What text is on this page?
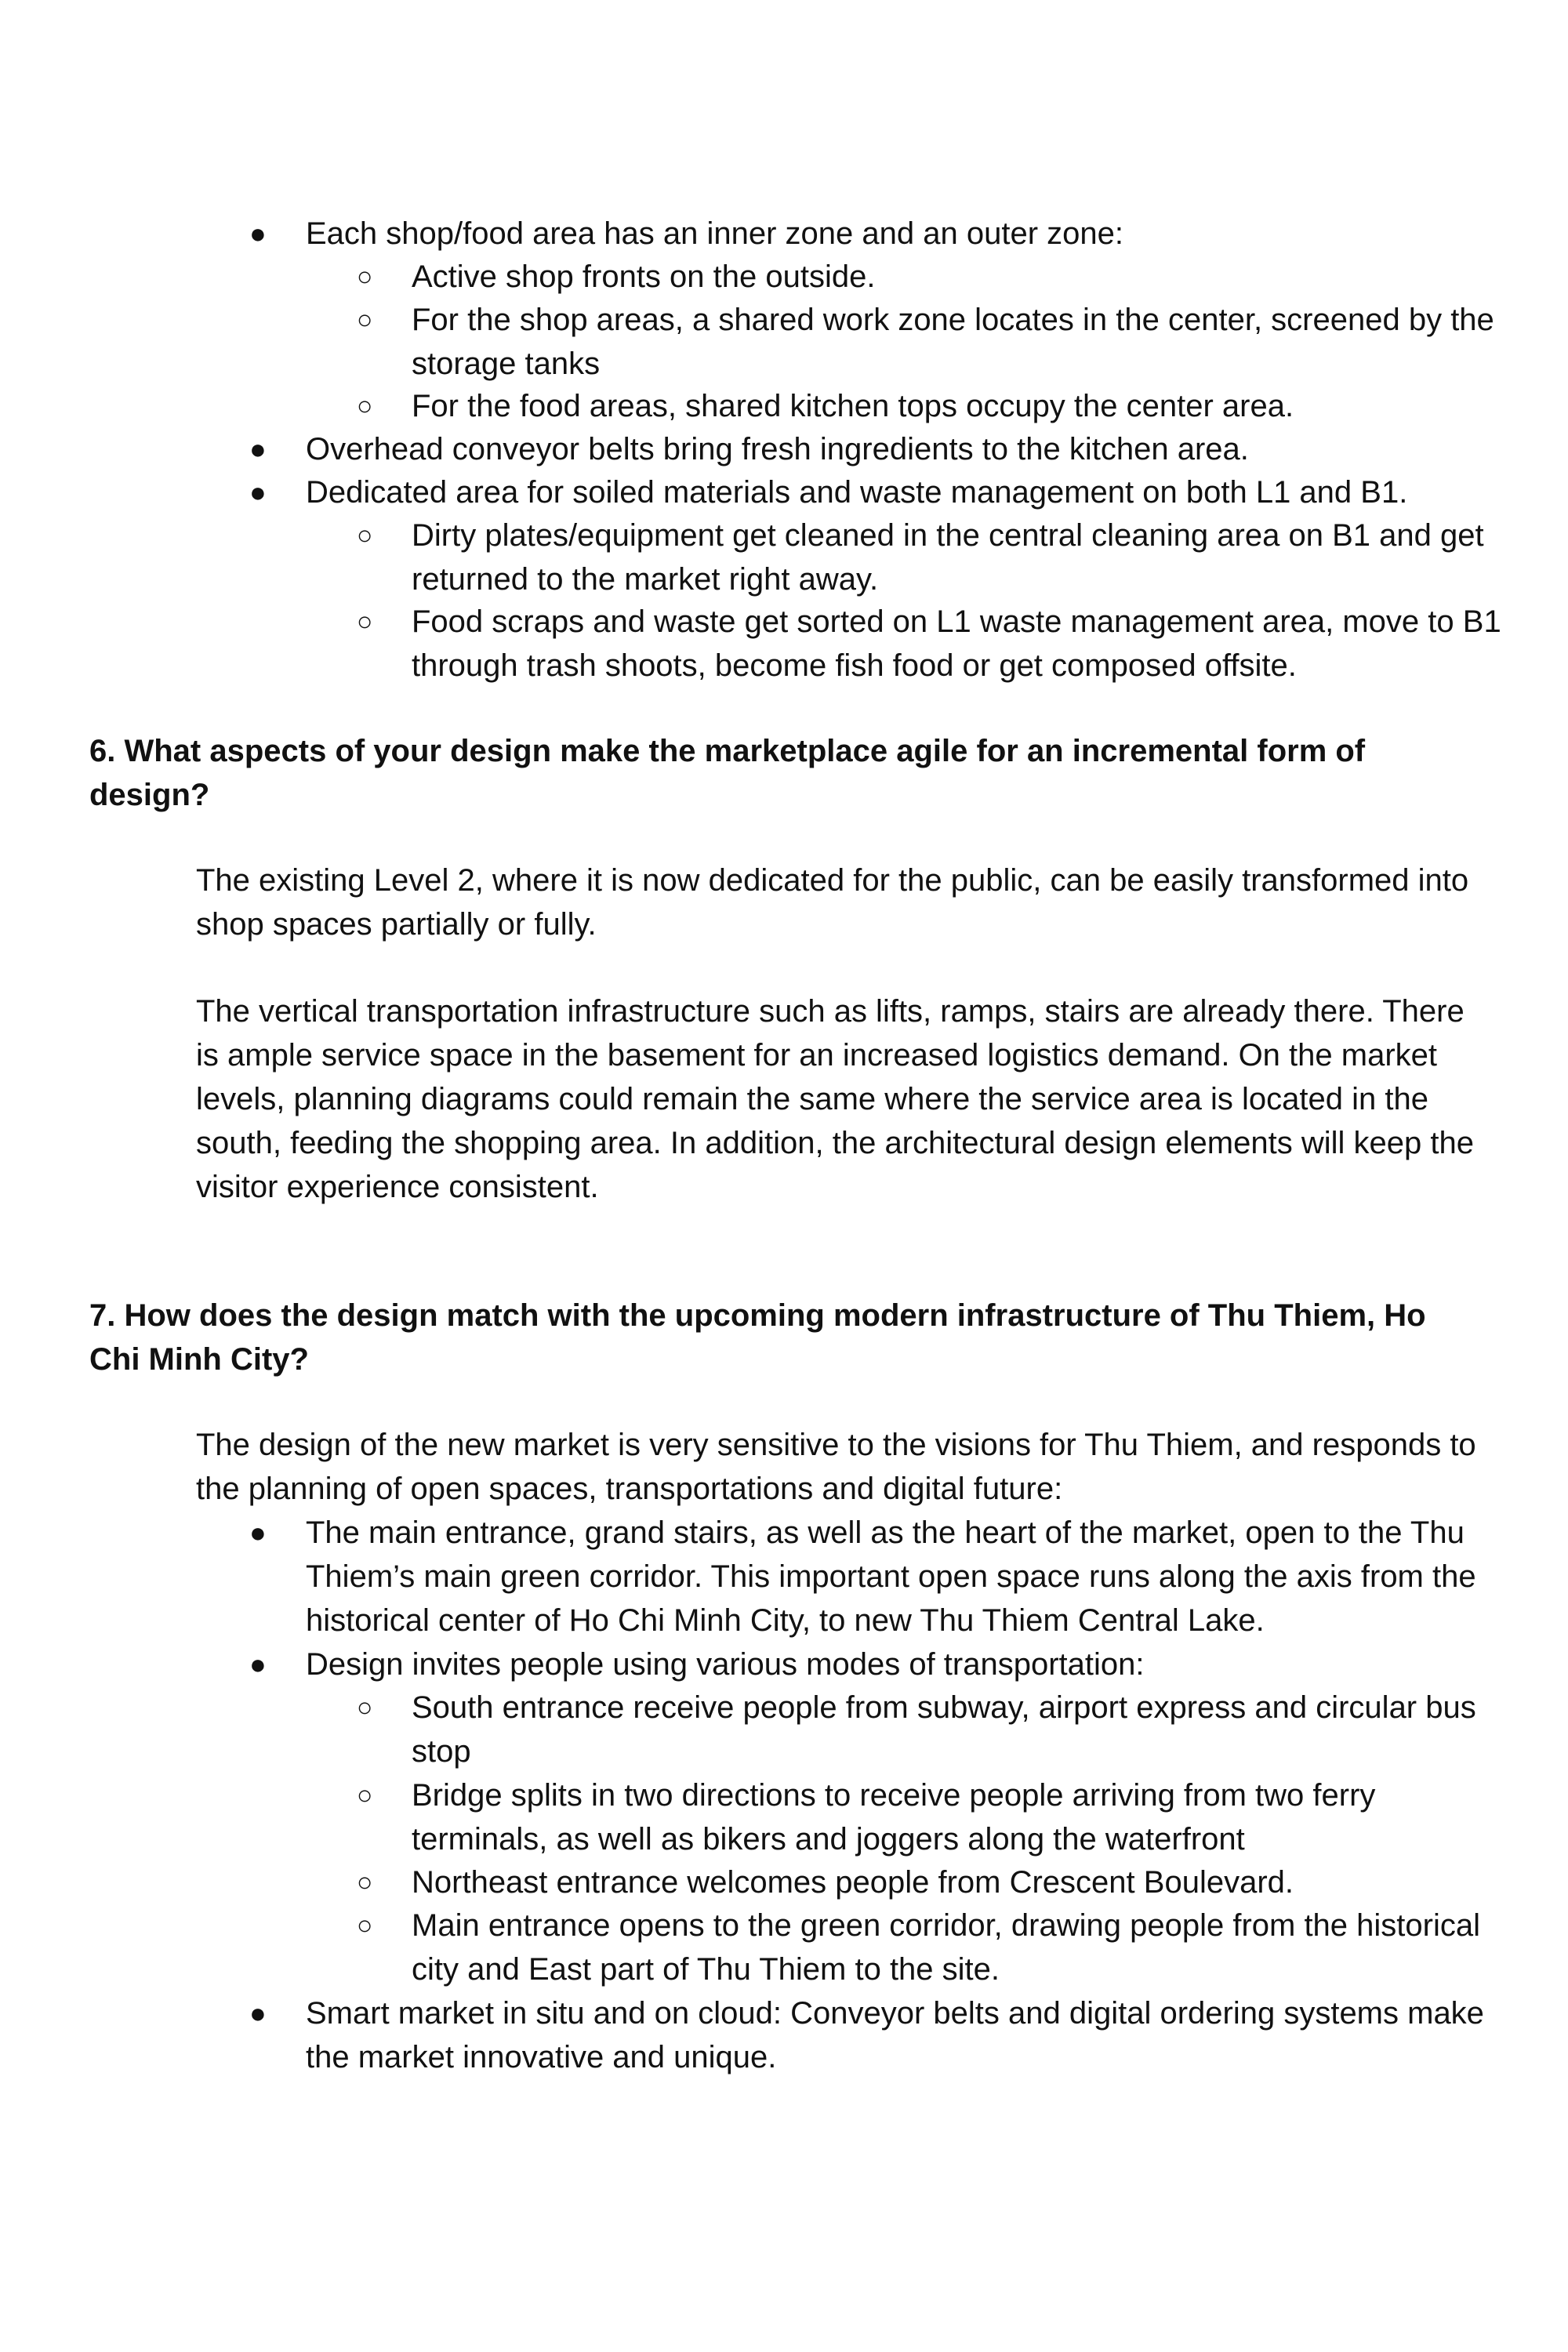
● Each shop/food area has an inner zone and an outer zone:
○ Active shop fronts on the outside.
○ For the shop areas, a shared work zone locates in the center, screened by the storage tanks
○ For the food areas, shared kitchen tops occupy the center area.
● Overhead conveyor belts bring fresh ingredients to the kitchen area.
● Dedicated area for soiled materials and waste management on both L1 and B1.
○ Dirty plates/equipment get cleaned in the central cleaning area on B1 and get returned to the market right away.
○ Food scraps and waste get sorted on L1 waste management area, move to B1 through trash shoots, become fish food or get composed offsite.
6. What aspects of your design make the marketplace agile for an incremental form of design?
The existing Level 2, where it is now dedicated for the public, can be easily transformed into shop spaces partially or fully.
The vertical transportation infrastructure such as lifts, ramps, stairs are already there. There is ample service space in the basement for an increased logistics demand. On the market levels, planning diagrams could remain the same where the service area is located in the south, feeding the shopping area. In addition, the architectural design elements will keep the visitor experience consistent.
7. How does the design match with the upcoming modern infrastructure of Thu Thiem, Ho Chi Minh City?
The design of the new market is very sensitive to the visions for Thu Thiem, and responds to the planning of open spaces, transportations and digital future:
● The main entrance, grand stairs, as well as the heart of the market, open to the Thu Thiem’s main green corridor. This important open space runs along the axis from the historical center of Ho Chi Minh City, to new Thu Thiem Central Lake.
● Design invites people using various modes of transportation:
○ South entrance receive people from subway, airport express and circular bus stop
○ Bridge splits in two directions to receive people arriving from two ferry terminals, as well as bikers and joggers along the waterfront
○ Northeast entrance welcomes people from Crescent Boulevard.
○ Main entrance opens to the green corridor, drawing people from the historical city and East part of Thu Thiem to the site.
● Smart market in situ and on cloud: Conveyor belts and digital ordering systems make the market innovative and unique.
